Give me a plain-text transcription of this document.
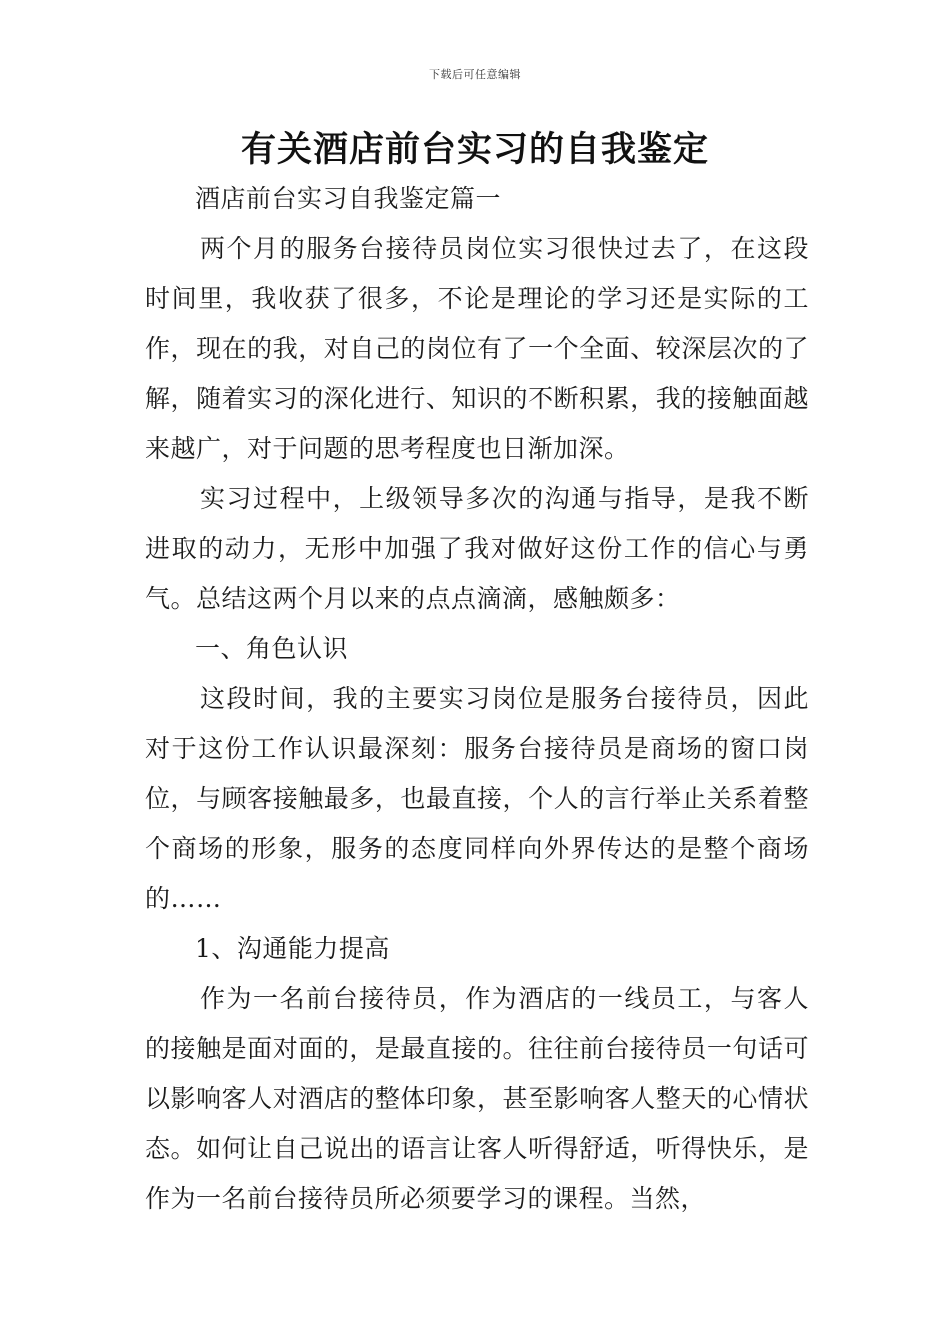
下载后可任意编辑
有关酒店前台实习的自我鉴定

酒店前台实习自我鉴定篇一

两个月的服务台接待员岗位实习很快过去了，在这段时间里，我收获了很多，不论是理论的学习还是实际的工作，现在的我，对自己的岗位有了一个全面、较深层次的了解，随着实习的深化进行、知识的不断积累，我的接触面越来越广，对于问题的思考程度也日渐加深。

实习过程中，上级领导多次的沟通与指导，是我不断进取的动力，无形中加强了我对做好这份工作的信心与勇气。总结这两个月以来的点点滴滴，感触颇多：

一、角色认识

这段时间，我的主要实习岗位是服务台接待员，因此对于这份工作认识最深刻：服务台接待员是商场的窗口岗位，与顾客接触最多，也最直接，个人的言行举止关系着整个商场的形象，服务的态度同样向外界传达的是整个商场的……

1、沟通能力提高

作为一名前台接待员，作为酒店的一线员工，与客人的接触是面对面的，是最直接的。往往前台接待员一句话可以影响客人对酒店的整体印象，甚至影响客人整天的心情状态。如何让自己说出的语言让客人听得舒适，听得快乐，是作为一名前台接待员所必须要学习的课程。当然，
